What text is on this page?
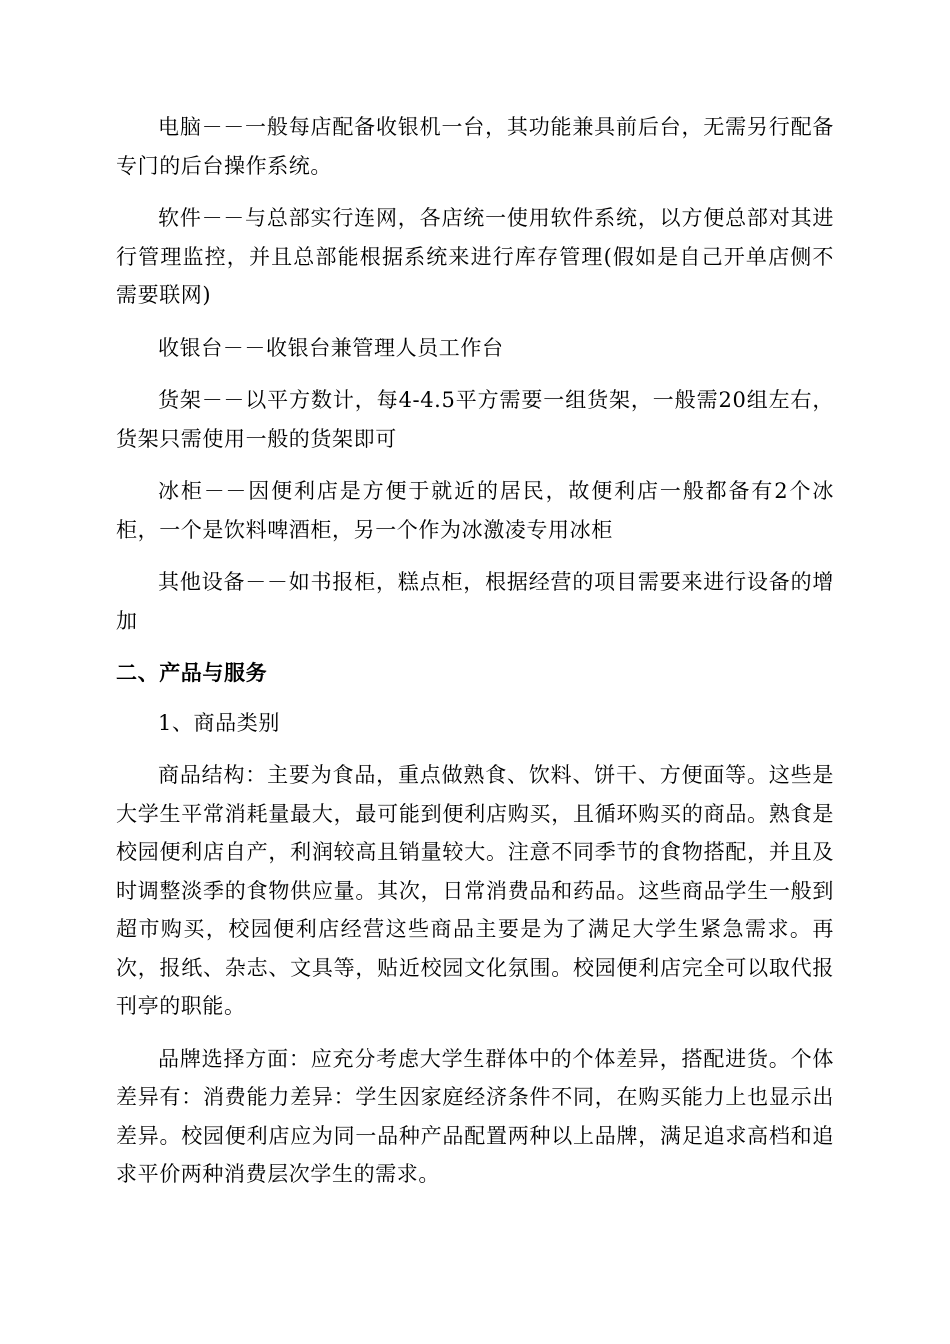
电脑－－一般每店配备收银机一台，其功能兼具前后台，无需另行配备专门的后台操作系统。

软件－－与总部实行连网，各店统一使用软件系统，以方便总部对其进行管理监控，并且总部能根据系统来进行库存管理(假如是自己开单店侧不需要联网)

收银台－－收银台兼管理人员工作台

货架－－以平方数计，每4-4.5平方需要一组货架，一般需20组左右，货架只需使用一般的货架即可

冰柜－－因便利店是方便于就近的居民，故便利店一般都备有2个冰柜，一个是饮料啤酒柜，另一个作为冰激凌专用冰柜

其他设备－－如书报柜，糕点柜，根据经营的项目需要来进行设备的增加

二、产品与服务

1、商品类别

商品结构：主要为食品，重点做熟食、饮料、饼干、方便面等。这些是大学生平常消耗量最大，最可能到便利店购买，且循环购买的商品。熟食是校园便利店自产，利润较高且销量较大。注意不同季节的食物搭配，并且及时调整淡季的食物供应量。其次，日常消费品和药品。这些商品学生一般到超市购买，校园便利店经营这些商品主要是为了满足大学生紧急需求。再次，报纸、杂志、文具等，贴近校园文化氛围。校园便利店完全可以取代报刊亭的职能。

品牌选择方面：应充分考虑大学生群体中的个体差异，搭配进货。个体差异有：消费能力差异：学生因家庭经济条件不同，在购买能力上也显示出差异。校园便利店应为同一品种产品配置两种以上品牌，满足追求高档和追求平价两种消费层次学生的需求。
